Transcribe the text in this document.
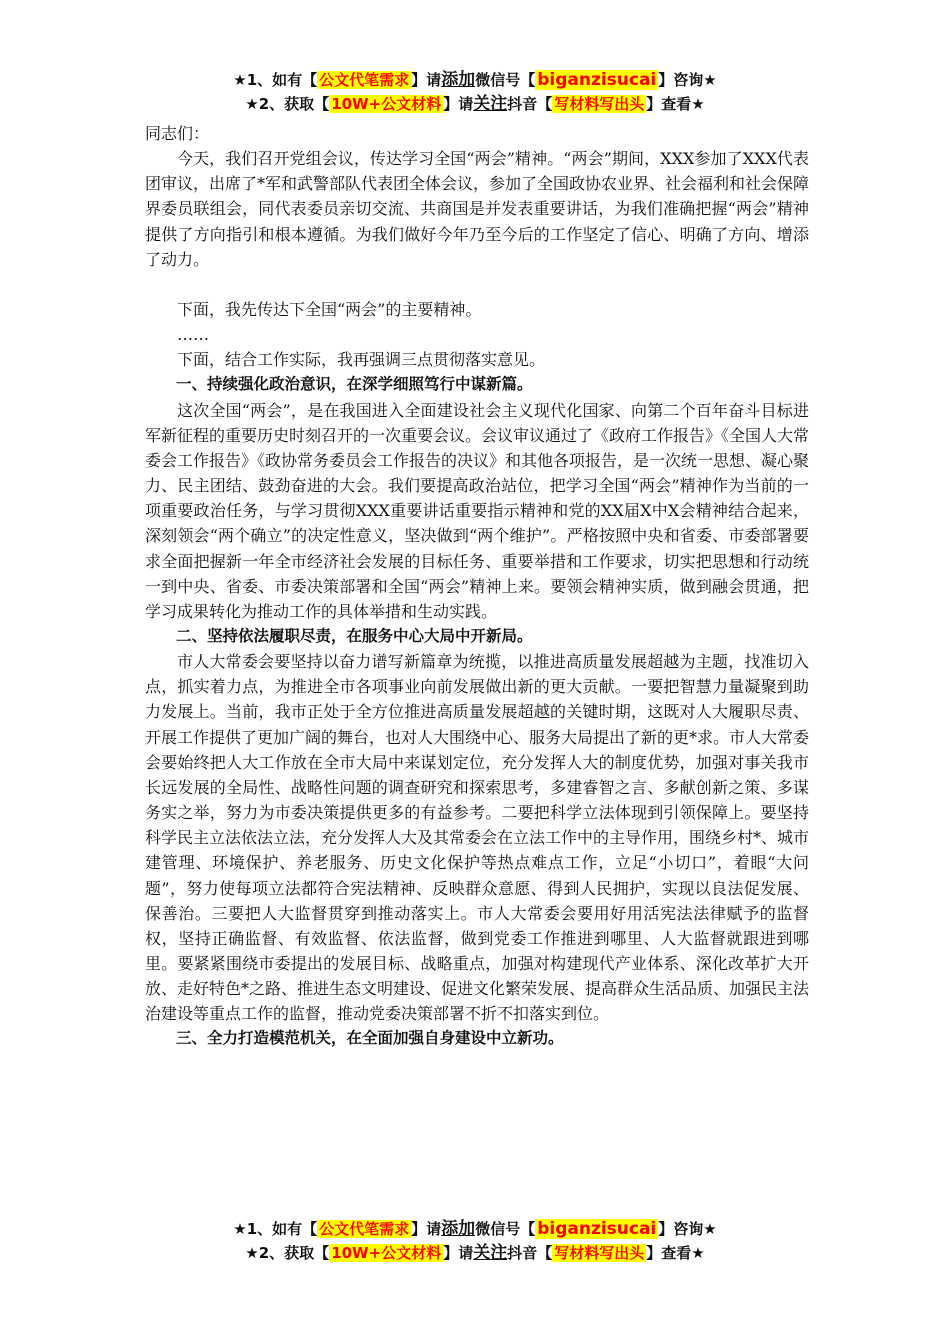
★1、如有【 公文代笔需求 】请添加微信号【 biganzisucai 】咨询★
★2、获取【 10W+公文材料 】请关注抖音【 写材料写出头 】查看★

同志们：

今天，我们召开党组会议，传达学习全国“两会”精神。“两会”期间，XXX参加了XXX代表团审议，出席了*军和武警部队代表团全体会议，参加了全国政协农业界、社会福利和社会保障界委员联组会，同代表委员亲切交流、共商国是并发表重要讲话，为我们准确把握“两会”精神提供了方向指引和根本遵循。为我们做好今年乃至今后的工作坚定了信心、明确了方向、增添了动力。

下面，我先传达下全国“两会”的主要精神。

……

下面，结合工作实际，我再强调三点贯彻落实意见。

一、持续强化政治意识，在深学细照笃行中谋新篇。

这次全国“两会”，是在我国进入全面建设社会主义现代化国家、向第二个百年奋斗目标进军新征程的重要历史时刻召开的一次重要会议。会议审议通过了《政府工作报告》《全国人大常委会工作报告》《政协常务委员会工作报告的决议》和其他各项报告，是一次统一思想、凝心聚力、民主团结、鼓劲奋进的大会。我们要提高政治站位，把学习全国“两会”精神作为当前的一项重要政治任务，与学习贯彻XXX重要讲话重要指示精神和党的XX届X中X会精神结合起来，深刻领会“两个确立”的决定性意义，坚决做到“两个维护”。严格按照中央和省委、市委部署要求全面把握新一年全市经济社会发展的目标任务、重要举措和工作要求，切实把思想和行动统一到中央、省委、市委决策部署和全国“两会”精神上来。要领会精神实质，做到融会贯通，把学习成果转化为推动工作的具体举措和生动实践。

二、坚持依法履职尽责，在服务中心大局中开新局。

市人大常委会要坚持以奋力谱写新篇章为统揽，以推进高质量发展超越为主题，找准切入点，抓实着力点，为推进全市各项事业向前发展做出新的更大贡献。一要把智慧力量凝聚到助力发展上。当前，我市正处于全方位推进高质量发展超越的关键时期，这既对人大履职尽责、开展工作提供了更加广阔的舞台，也对人大围绕中心、服务大局提出了新的更*求。市人大常委会要始终把人大工作放在全市大局中来谋划定位，充分发挥人大的制度优势，加强对事关我市长远发展的全局性、战略性问题的调查研究和探索思考，多建睿智之言、多献创新之策、多谋务实之举，努力为市委决策提供更多的有益参考。二要把科学立法体现到引领保障上。要坚持科学民主立法依法立法，充分发挥人大及其常委会在立法工作中的主导作用，围绕乡村*、城市建管理、环境保护、养老服务、历史文化保护等热点难点工作，立足“小切口”，着眼“大问题”，努力使每项立法都符合宪法精神、反映群众意愿、得到人民拥护，实现以良法促发展、保善治。三要把人大监督贯穿到推动落实上。市人大常委会要用好用活宪法法律赋予的监督权，坚持正确监督、有效监督、依法监督，做到党委工作推进到哪里、人大监督就跟进到哪里。要紧紧围绕市委提出的发展目标、战略重点，加强对构建现代产业体系、深化改革扩大开放、走好特色*之路、推进生态文明建设、促进文化繁荣发展、提高群众生活品质、加强民主法治建设等重点工作的监督，推动党委决策部署不折不扣落实到位。

三、全力打造模范机关，在全面加强自身建设中立新功。

★1、如有【 公文代笔需求 】请添加微信号【 biganzisucai 】咨询★
★2、获取【 10W+公文材料 】请关注抖音【 写材料写出头 】查看★
